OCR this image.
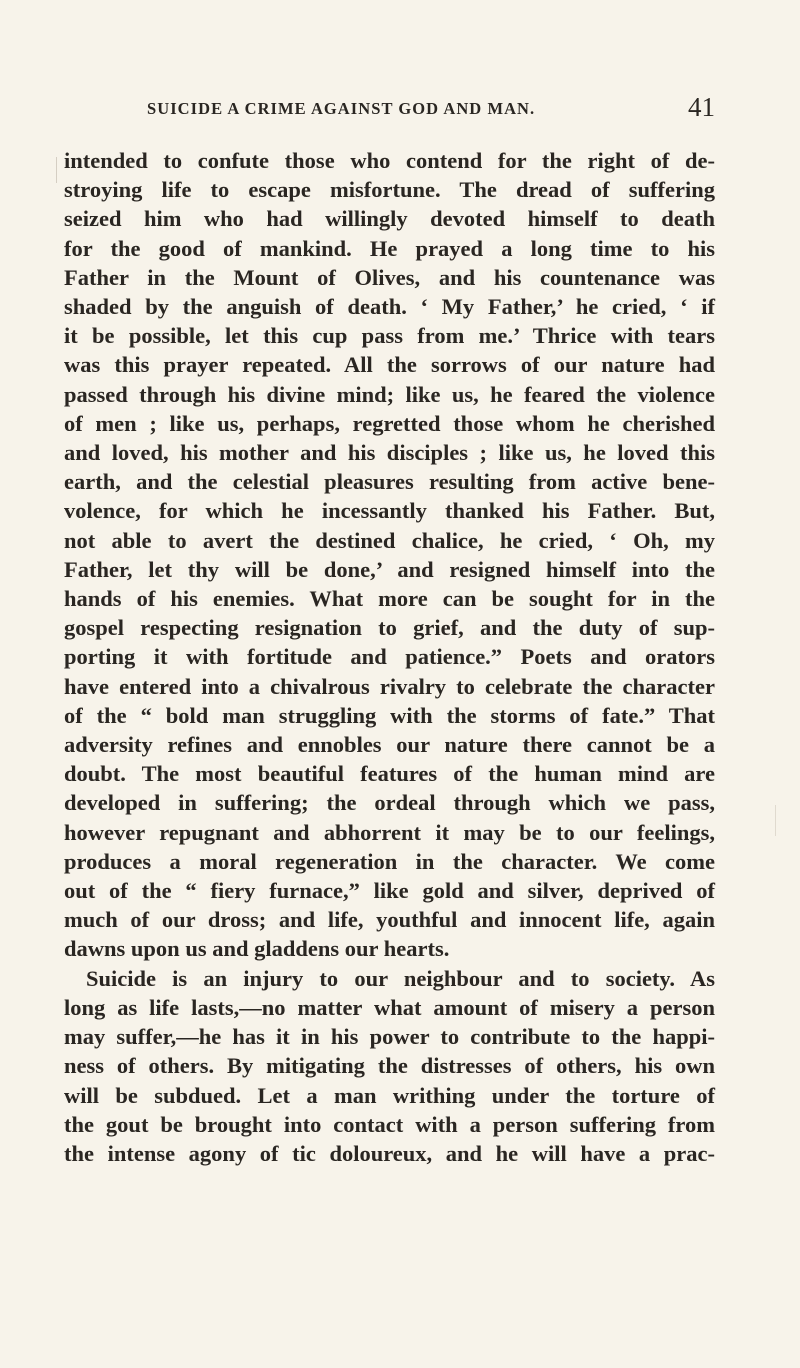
SUICIDE A CRIME AGAINST GOD AND MAN.	41
intended to confute those who contend for the right of de-
stroying life to escape misfortune. The dread of suffering
seized him who had willingly devoted himself to death
for the good of mankind. He prayed a long time to his
Father in the Mount of Olives, and his countenance was
shaded by the anguish of death. ‘ My Father,’ he cried, ‘ if
it be possible, let this cup pass from me.’ Thrice with tears
was this prayer repeated. All the sorrows of our nature had
passed through his divine mind; like us, he feared the violence
of men ; like us, perhaps, regretted those whom he cherished
and loved, his mother and his disciples ; like us, he loved this
earth, and the celestial pleasures resulting from active bene-
volence, for which he incessantly thanked his Father. But,
not able to avert the destined chalice, he cried, ‘ Oh, my
Father, let thy will be done,’ and resigned himself into the
hands of his enemies. What more can be sought for in the
gospel respecting resignation to grief, and the duty of sup-
porting it with fortitude and patience.” Poets and orators
have entered into a chivalrous rivalry to celebrate the character
of the “ bold man struggling with the storms of fate.” That
adversity refines and ennobles our nature there cannot be a
doubt. The most beautiful features of the human mind are
developed in suffering; the ordeal through which we pass,
however repugnant and abhorrent it may be to our feelings,
produces a moral regeneration in the character. We come
out of the “ fiery furnace,” like gold and silver, deprived of
much of our dross; and life, youthful and innocent life, again
dawns upon us and gladdens our hearts.
Suicide is an injury to our neighbour and to society. As
long as life lasts,—no matter what amount of misery a person
may suffer,—he has it in his power to contribute to the happi-
ness of others. By mitigating the distresses of others, his own
will be subdued. Let a man writhing under the torture of
the gout be brought into contact with a person suffering from
the intense agony of tic doloureux, and he will have a prac-
